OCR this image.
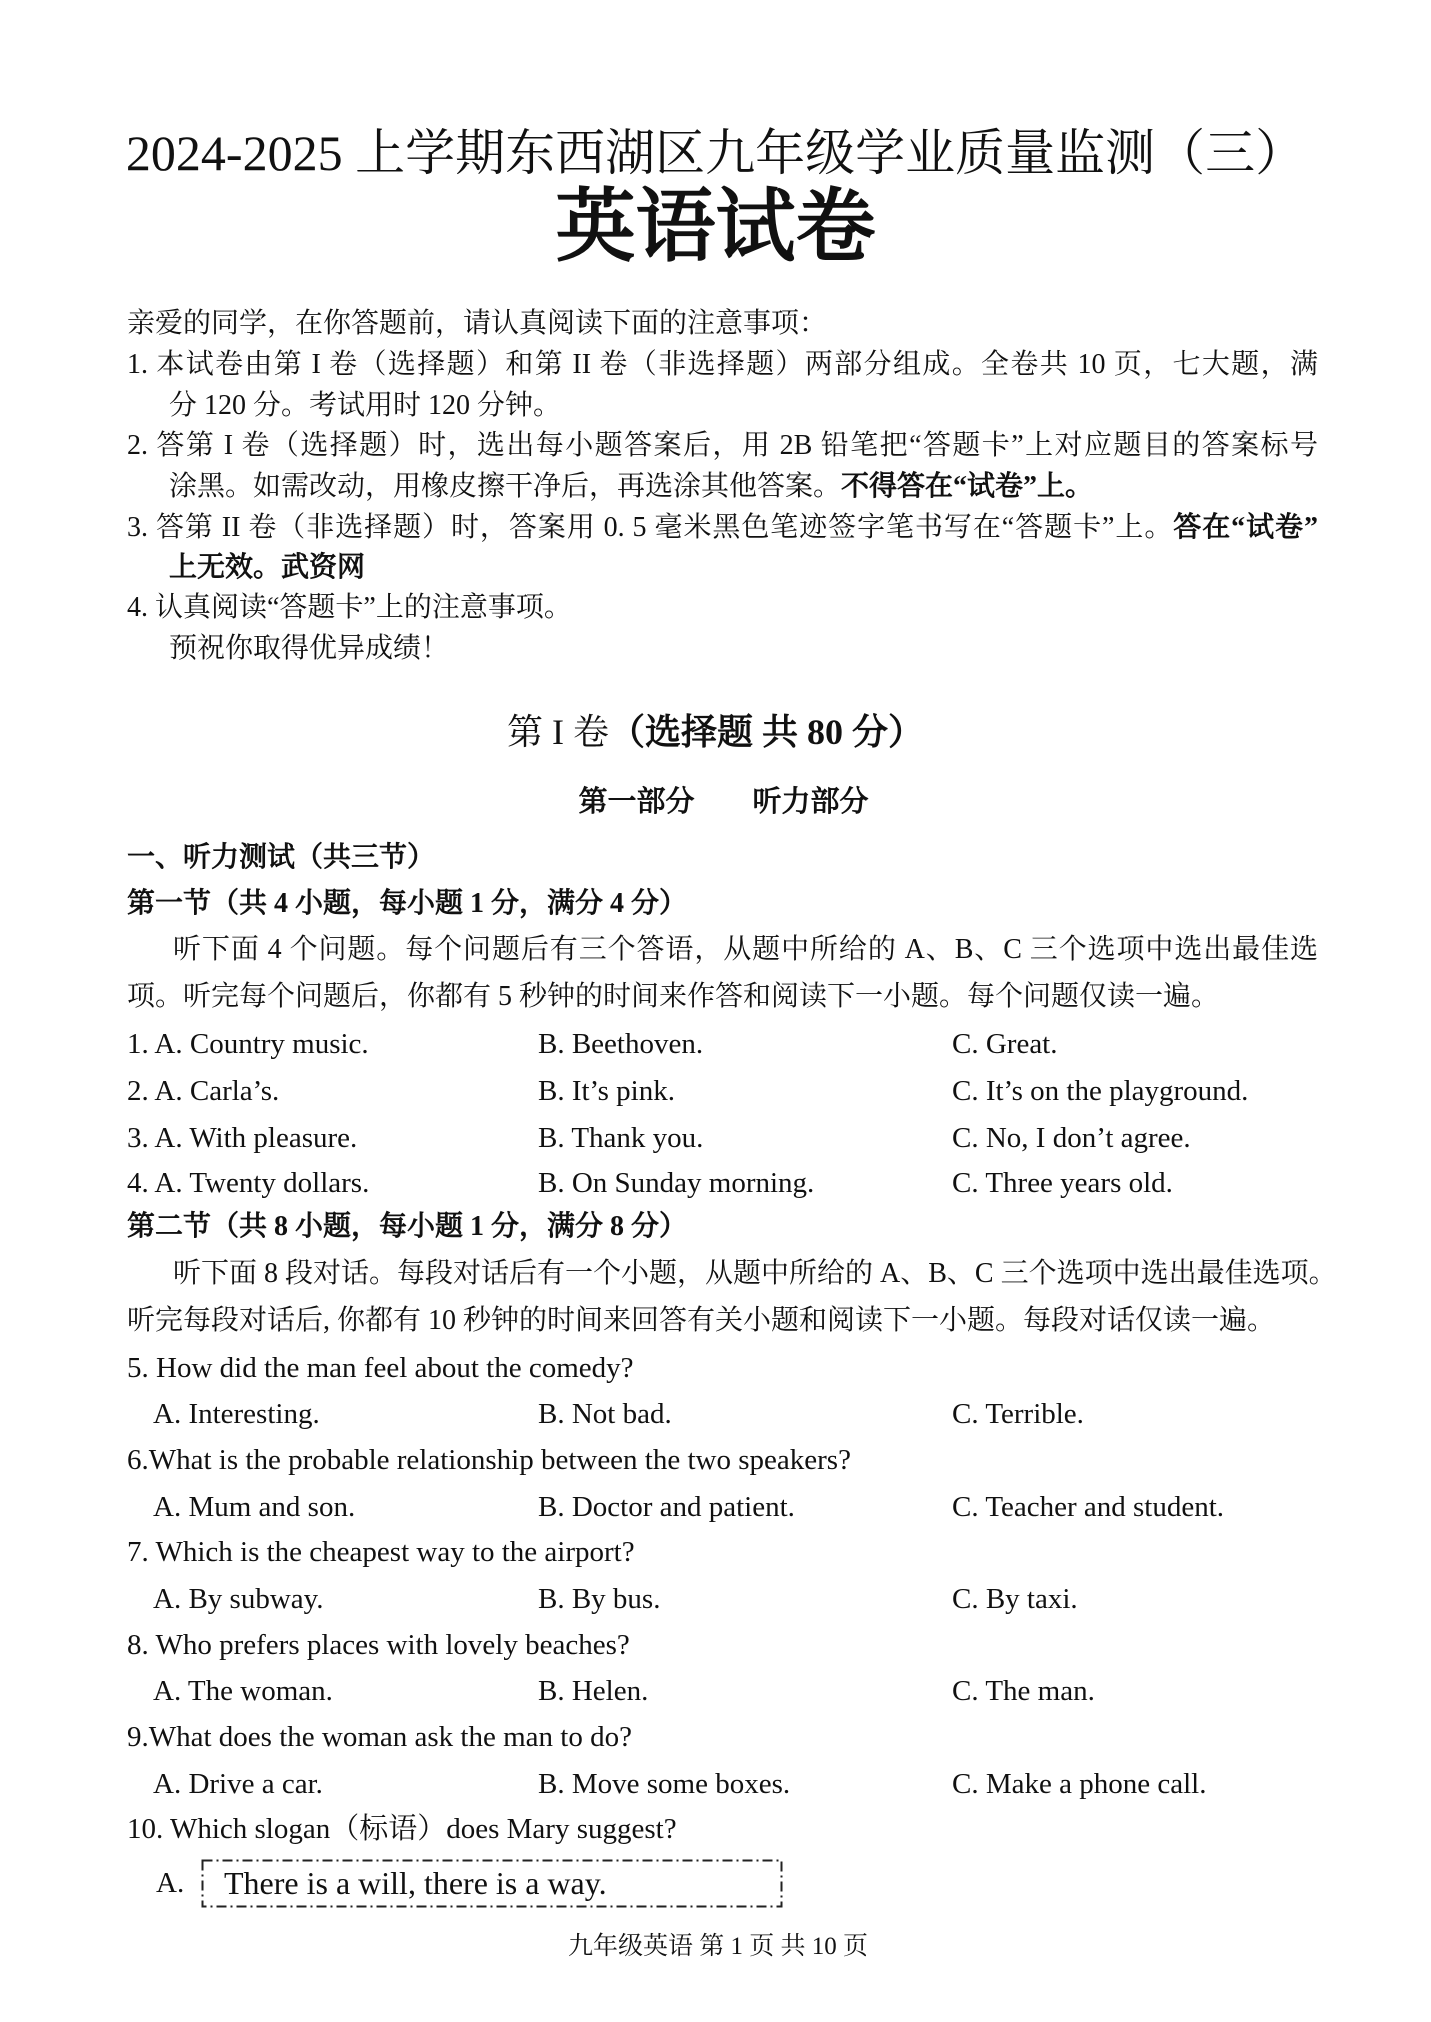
2024-2025 上学期东西湖区九年级学业质量监测（三）
英语试卷
亲爱的同学，在你答题前，请认真阅读下面的注意事项：
1. 本试卷由第 I 卷（选择题）和第 II 卷（非选择题）两部分组成。全卷共 10 页，七大题，满
分 120 分。考试用时 120 分钟。
2. 答第 I 卷（选择题）时，选出每小题答案后，用 2B 铅笔把“答题卡”上对应题目的答案标号
涂黑。如需改动，用橡皮擦干净后，再选涂其他答案。不得答在“试卷”上。
3. 答第 II 卷（非选择题）时，答案用 0. 5 毫米黑色笔迹签字笔书写在“答题卡”上。答在“试卷”
上无效。武资网
4. 认真阅读“答题卡”上的注意事项。
预祝你取得优异成绩！
第 I 卷（选择题 共 80 分）
第一部分　　听力部分
一、听力测试（共三节）
第一节（共 4 小题，每小题 1 分，满分 4 分）
听下面 4 个问题。每个问题后有三个答语，从题中所给的 A、B、C 三个选项中选出最佳选
项。听完每个问题后，你都有 5 秒钟的时间来作答和阅读下一小题。每个问题仅读一遍。
1. A. Country music.	B. Beethoven.	C. Great.
2. A. Carla’s.	B. It’s pink.	C. It’s on the playground.
3. A. With pleasure.	B. Thank you.	C. No, I don’t agree.
4. A. Twenty dollars.	B. On Sunday morning.	C. Three years old.
第二节（共 8 小题，每小题 1 分，满分 8 分）
听下面 8 段对话。每段对话后有一个小题，从题中所给的 A、B、C 三个选项中选出最佳选项。
听完每段对话后, 你都有 10 秒钟的时间来回答有关小题和阅读下一小题。每段对话仅读一遍。
5. How did the man feel about the comedy?
A. Interesting.	B. Not bad.	C. Terrible.
6.What is the probable relationship between the two speakers?
A. Mum and son.	B. Doctor and patient.	C. Teacher and student.
7. Which is the cheapest way to the airport?
A. By subway.	B. By bus.	C. By taxi.
8. Who prefers places with lovely beaches?
A. The woman.	B. Helen.	C. The man.
9.What does the woman ask the man to do?
A. Drive a car.	B. Move some boxes.	C. Make a phone call.
10. Which slogan（标语）does Mary suggest?
A. There is a will, there is a way.
九年级英语 第 1 页 共 10 页
